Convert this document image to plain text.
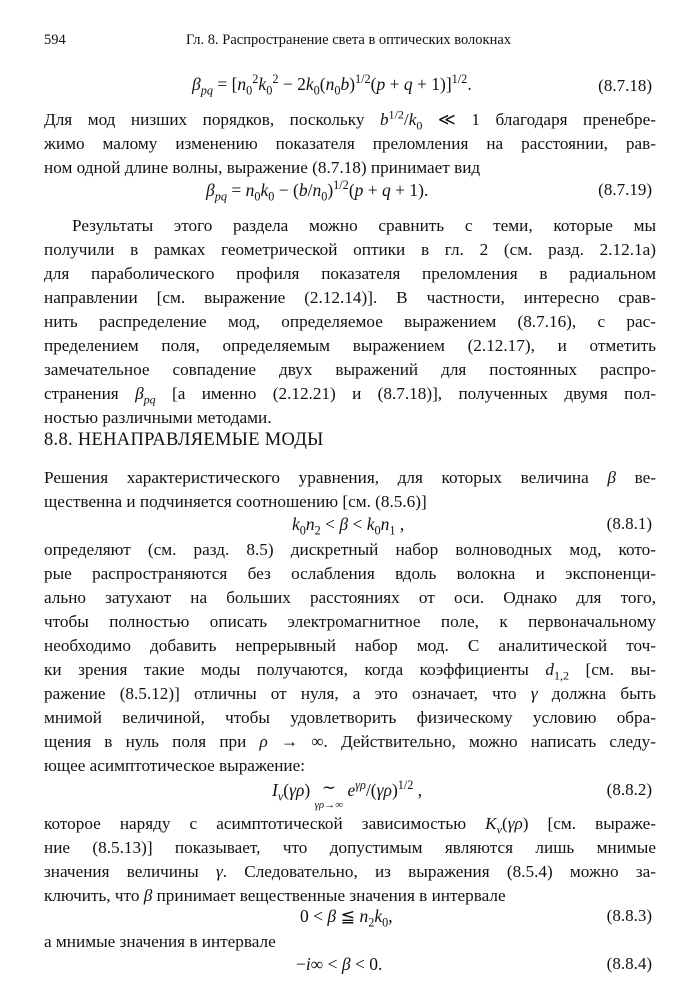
594	Гл. 8. Распространение света в оптических волокнах
$\beta_{pq} = [n_0^2k_0^2 - 2k_0(n_0b)^{1/2}(p + q + 1)]^{1/2}$.	(8.7.18)
Для мод низших порядков, поскольку $b^{1/2}/k_0$ ≪ 1 благодаря пренебре-
жимо малому изменению показателя преломления на расстоянии, рав-
ном одной длине волны, выражение (8.7.18) принимает вид
$\beta_{pq} = n_0k_0 - (b/n_0)^{1/2}(p + q + 1)$.	(8.7.19)
Результаты этого раздела можно сравнить с теми, которые мы
получили в рамках геометрической оптики в гл. 2 (см. разд. 2.12.1а)
для параболического профиля показателя преломления в радиальном
направлении [см. выражение (2.12.14)]. В частности, интересно срав-
нить распределение мод, определяемое выражением (8.7.16), с рас-
пределением поля, определяемым выражением (2.12.17), и отметить
замечательное совпадение двух выражений для постоянных распро-
странения $\beta_{pq}$ [а именно (2.12.21) и (8.7.18)], полученных двумя пол-
ностью различными методами.
8.8. НЕНАПРАВЛЯЕМЫЕ МОДЫ
Решения характеристического уравнения, для которых величина β ве-
щественна и подчиняется соотношению [см. (8.5.6)]
$k_0n_2 < \beta < k_0n_1$ ,	(8.8.1)
определяют (см. разд. 8.5) дискретный набор волноводных мод, кото-
рые распространяются без ослабления вдоль волокна и экспоненци-
ально затухают на больших расстояниях от оси. Однако для того,
чтобы полностью описать электромагнитное поле, к первоначальному
необходимо добавить непрерывный набор мод. С аналитической точ-
ки зрения такие моды получаются, когда коэффициенты $d_{1,2}$ [см. вы-
ражение (8.5.12)] отличны от нуля, а это означает, что γ должна быть
мнимой величиной, чтобы удовлетворить физическому условию обра-
щения в нуль поля при ρ → ∞. Действительно, можно написать следу-
ющее асимптотическое выражение:
$I_\nu(\gamma\rho)$ ∼
γρ→∞ $e^{\gamma\rho}/(\gamma\rho)^{1/2}$ ,	(8.8.2)
которое наряду с асимптотической зависимостью $K_\nu(\gamma\rho)$ [см. выраже-
ние (8.5.13)] показывает, что допустимым являются лишь мнимые
значения величины γ. Следовательно, из выражения (8.5.4) можно за-
ключить, что β принимает вещественные значения в интервале
0 < β ≦ $n_2k_0$,	(8.8.3)
а мнимые значения в интервале
−i∞ < β < 0.	(8.8.4)
